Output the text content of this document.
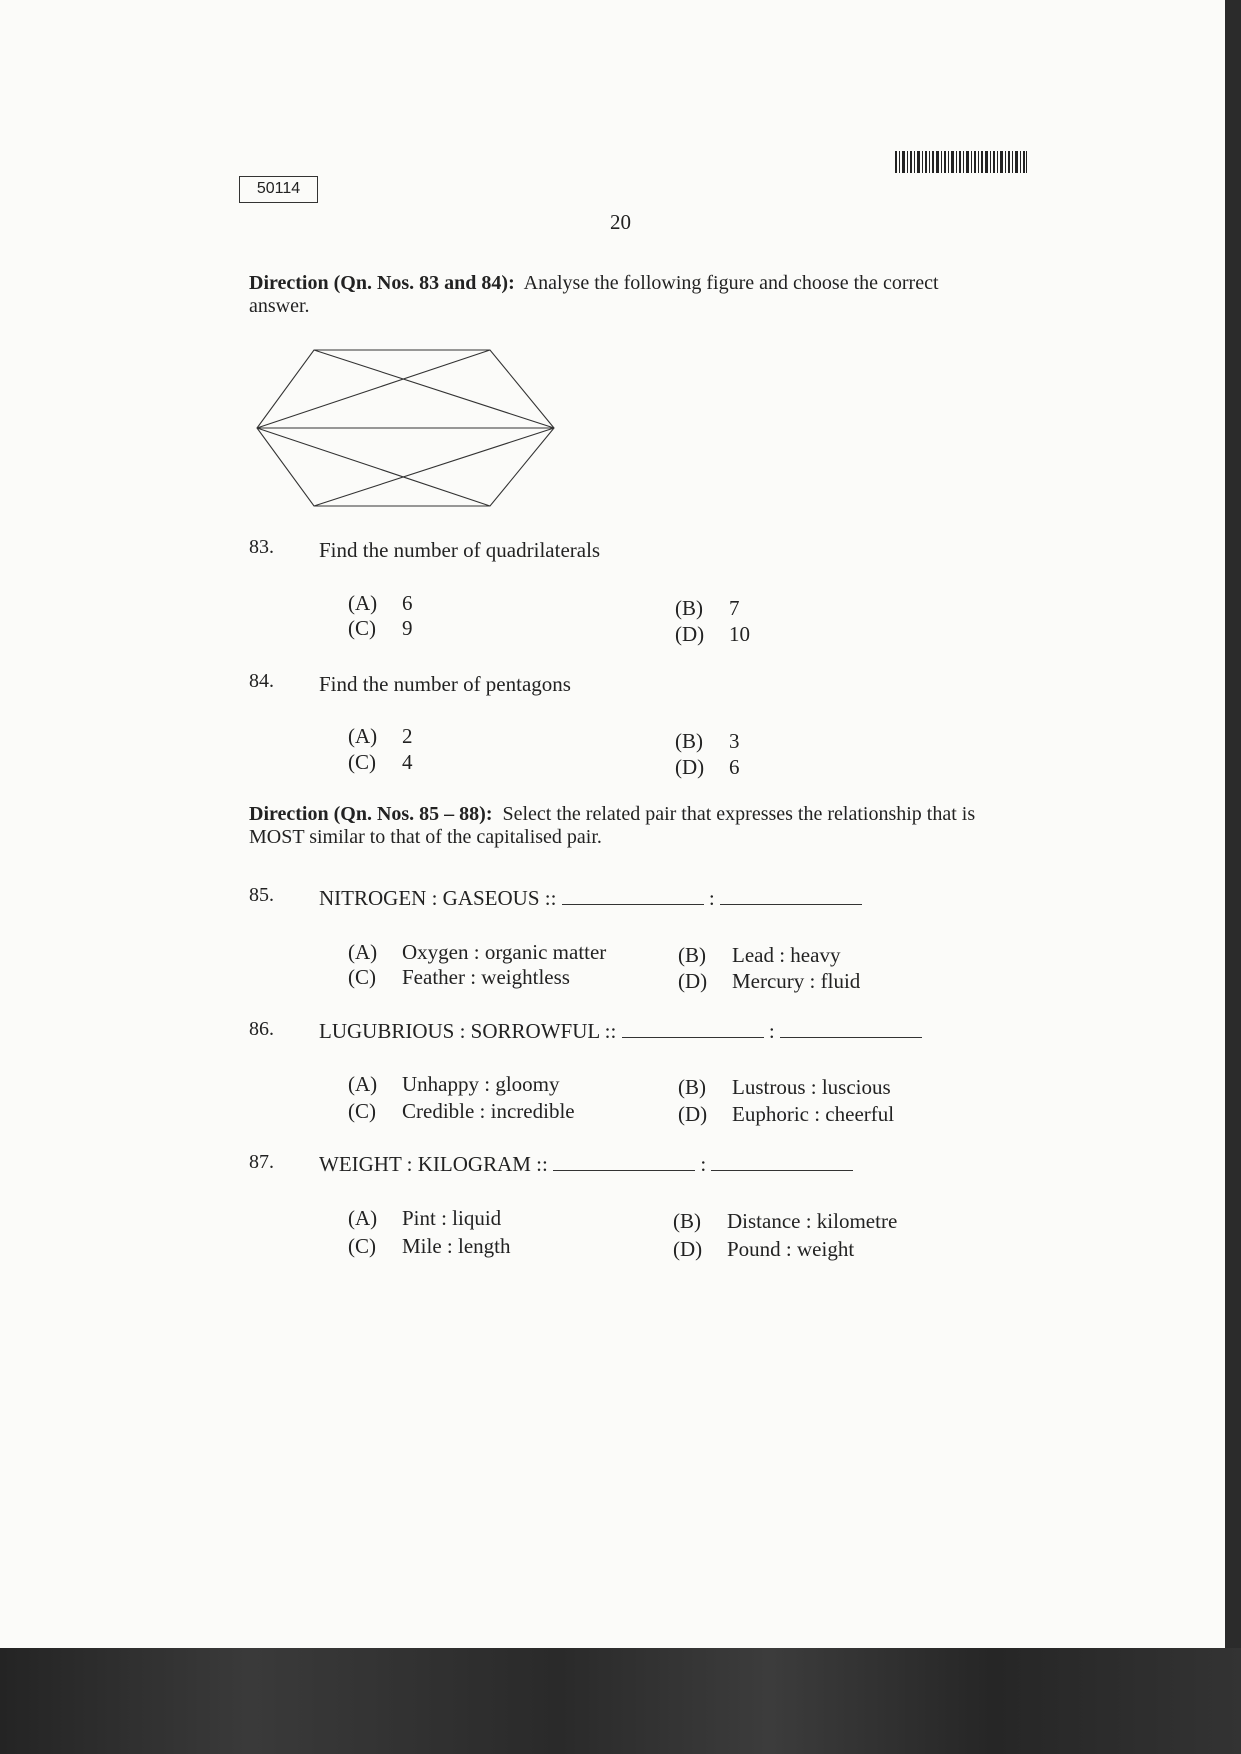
50114
20
Direction (Qn. Nos. 83 and 84): Analyse the following figure and choose the correct answer.
83. Find the number of quadrilaterals
(A) 6	(B) 7
(C) 9	(D) 10
84. Find the number of pentagons
(A) 2	(B) 3
(C) 4	(D) 6
Direction (Qn. Nos. 85 – 88): Select the related pair that expresses the relationship that is MOST similar to that of the capitalised pair.
85. NITROGEN : GASEOUS ::	:
(A) Oxygen : organic matter	(B) Lead : heavy
(C) Feather : weightless	(D) Mercury : fluid
86. LUGUBRIOUS : SORROWFUL ::	:
(A) Unhappy : gloomy	(B) Lustrous : luscious
(C) Credible : incredible	(D) Euphoric : cheerful
87. WEIGHT : KILOGRAM ::	:
(A) Pint : liquid	(B) Distance : kilometre
(C) Mile : length	(D) Pound : weight
